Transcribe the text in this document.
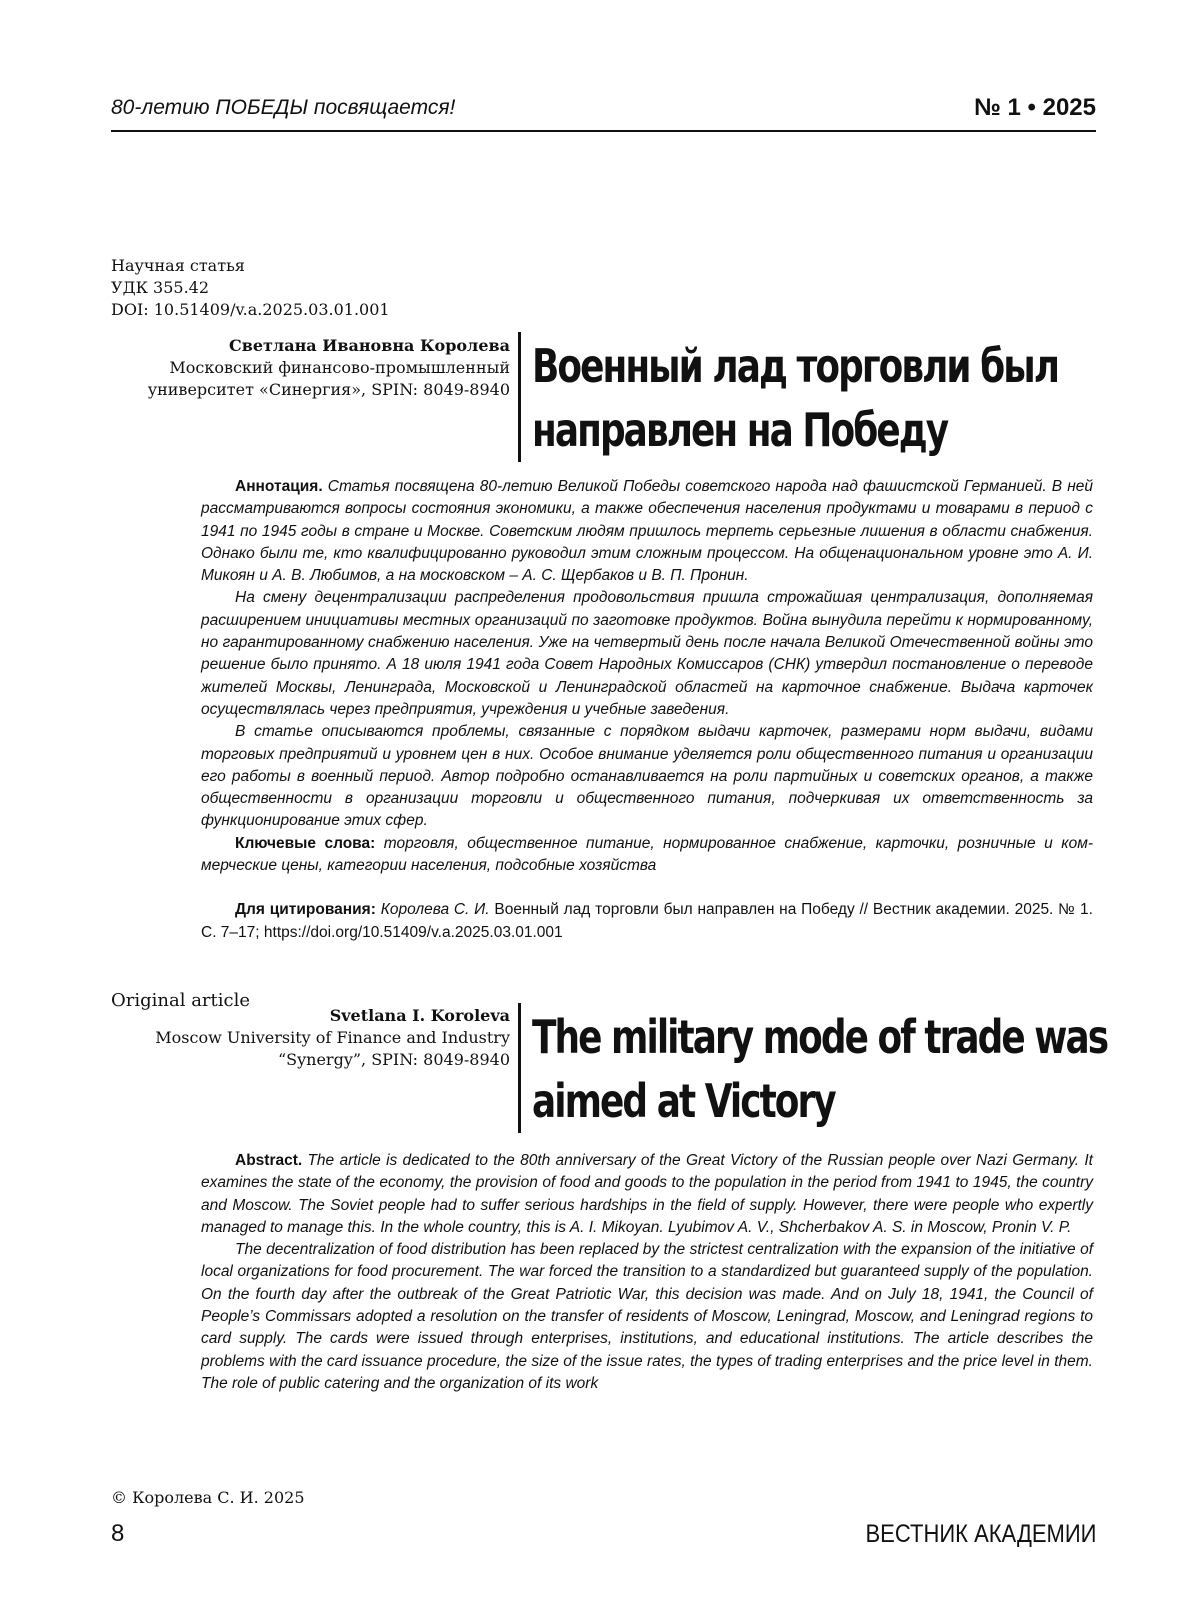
80-летию ПОБЕДЫ посвящается!	№ 1 • 2025
Научная статья
УДК 355.42
DOI: 10.51409/v.a.2025.03.01.001
Светлана Ивановна Королева
Московский финансово-промышленный
университет «Синергия», SPIN: 8049-8940 Военный лад торговли был
направлен на Победу

Аннотация. Статья посвящена 80-летию Великой Победы советского народа над фашистской Германией. В ней рассматриваются вопросы состояния экономики, а также обеспечения населения продуктами и товарами в период с 1941 по 1945 годы в стране и Москве. Советским людям пришлось терпеть серьезные лишения в области снабжения. Однако были те, кто квалифицированно руководил этим сложным процессом. На общенациональном уровне это А. И. Микоян и А. В. Любимов, а на московском – А. С. Щербаков и В. П. Пронин.

На смену децентрализации распределения продовольствия пришла строжайшая централизация, дополняемая расширением инициативы местных организаций по заготовке продуктов. Война вынудила перейти к нормированному, но гарантированному снабжению населения. Уже на четвертый день после начала Великой Отечественной войны это решение было принято. А 18 июля 1941 года Совет Народных Комиссаров (СНК) утвердил постановление о переводе жителей Москвы, Ленинграда, Московской и Ленинградской областей на карточное снабжение. Выдача карточек осуществлялась через предприятия, учреждения и учебные заведения.

В статье описываются проблемы, связанные с порядком выдачи карточек, размерами норм выдачи, видами торговых предприятий и уровнем цен в них. Особое внимание уделяется роли общественного питания и организации его работы в военный период. Автор подробно останавливается на роли партийных и советских органов, а также общественности в организации торговли и общественного питания, подчеркивая их ответственность за функционирование этих сфер.

Ключевые слова: торговля, общественное питание, нормированное снабжение, карточки, розничные и коммерческие цены, категории населения, подсобные хозяйства

Для цитирования: Королева С. И. Военный лад торговли был направлен на Победу // Вестник академии. 2025. № 1. С. 7–17; https://doi.org/10.51409/v.a.2025.03.01.001

Original article
Svetlana I. Koroleva
Moscow University of Finance and Industry
“Synergy”, SPIN: 8049-8940 The military mode of trade was
aimed at Victory

Abstract. The article is dedicated to the 80th anniversary of the Great Victory of the Russian people over Nazi Germany. It examines the state of the economy, the provision of food and goods to the population in the period from 1941 to 1945, the country and Moscow. The Soviet people had to suffer serious hardships in the field of supply. However, there were people who expertly managed to manage this. In the whole country, this is A. I. Mikoyan. Lyubimov A. V., Shcherbakov A. S. in Moscow, Pronin V. P.

The decentralization of food distribution has been replaced by the strictest centralization with the expansion of the initiative of local organizations for food procurement. The war forced the transition to a standardized but guaranteed supply of the population. On the fourth day after the outbreak of the Great Patriotic War, this decision was made. And on July 18, 1941, the Council of People’s Commissars adopted a resolution on the transfer of residents of Moscow, Leningrad, Moscow, and Leningrad regions to card supply. The cards were issued through enterprises, institutions, and educational institutions. The article describes the problems with the card issuance procedure, the size of the issue rates, the types of trading enterprises and the price level in them. The role of public catering and the organization of its work

© Королева С. И. 2025
8	ВЕСТНИК АКАДЕМИИ
